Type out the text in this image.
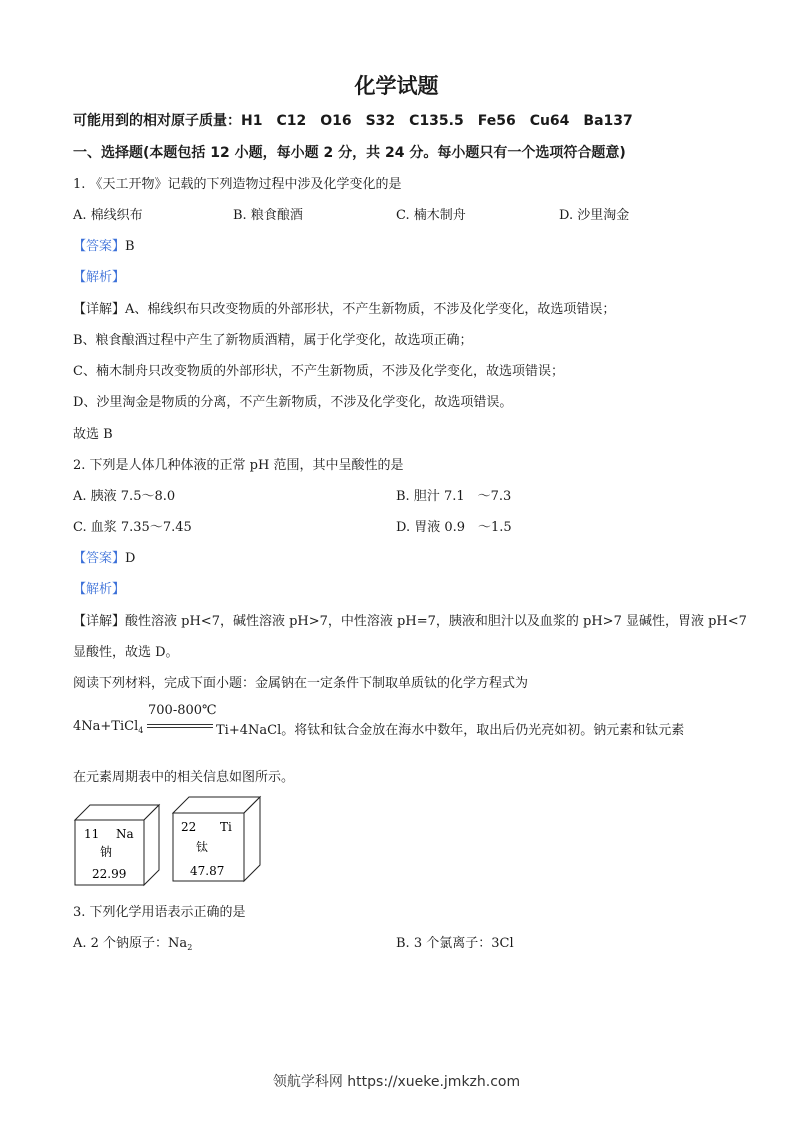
化学试题
可能用到的相对原子质量：H1　C12　O16　S32　C135.5　Fe56　Cu64　Ba137
一、选择题(本题包括 12 小题，每小题 2 分，共 24 分。每小题只有一个选项符合题意)
1. 《天工开物》记载的下列造物过程中涉及化学变化的是
A. 棉线织布	B. 粮食酿酒	C. 楠木制舟	D. 沙里淘金
【答案】B
【解析】
【详解】A、棉线织布只改变物质的外部形状，不产生新物质，不涉及化学变化，故选项错误；
B、粮食酿酒过程中产生了新物质酒精，属于化学变化，故选项正确；
C、楠木制舟只改变物质的外部形状，不产生新物质，不涉及化学变化，故选项错误；
D、沙里淘金是物质的分离，不产生新物质，不涉及化学变化，故选项错误。
故选 B
2. 下列是人体几种体液的正常 pH 范围，其中呈酸性的是
A. 胰液 7.5～8.0	B. 胆汁 7.1　～7.3
C. 血浆 7.35～7.45	D. 胃液 0.9　～1.5
【答案】D
【解析】
【详解】酸性溶液 pH<7，碱性溶液 pH>7，中性溶液 pH=7，胰液和胆汁以及血浆的 pH>7 显碱性，胃液 pH<7
显酸性，故选 D。
阅读下列材料，完成下面小题：金属钠在一定条件下制取单质钛的化学方程式为
4Na+TiCl$_4$
700-800℃
Ti+4NaCl。将钛和钛合金放在海水中数年，取出后仍光亮如初。钠元素和钛元素
在元素周期表中的相关信息如图所示。
11 Na
钠
22.99
22 Ti
钛
47.87
3. 下列化学用语表示正确的是
A. 2 个钠原子：$Na_2$	B. 3 个氯离子：3Cl
领航学科网 https://xueke.jmkzh.com
